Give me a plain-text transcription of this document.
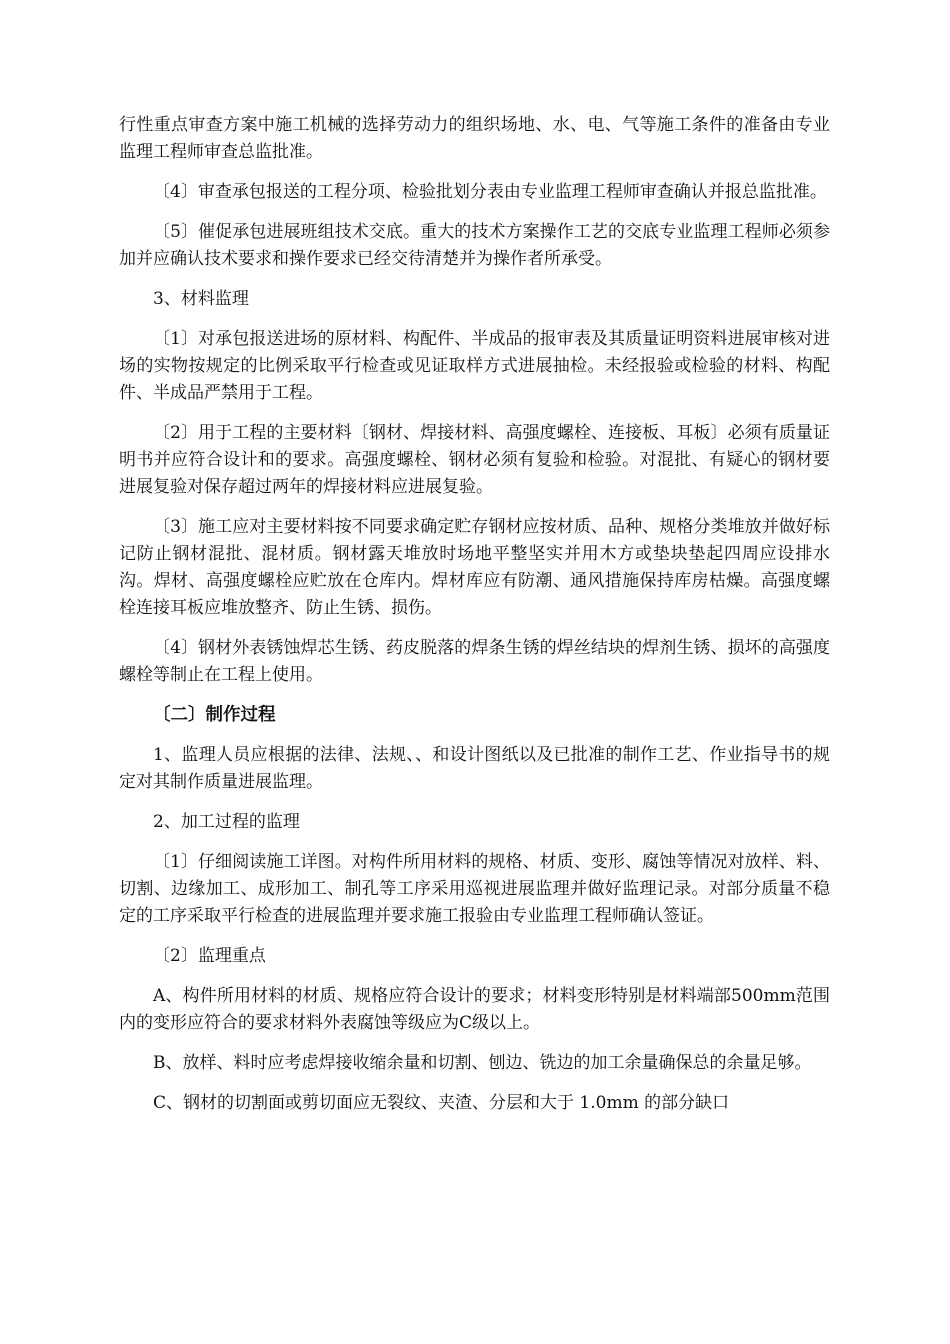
行性重点审查方案中施工机械的选择劳动力的组织场地、水、电、气等施工条件的准备由专业监理工程师审查总监批准。

〔4〕审查承包报送的工程分项、检验批划分表由专业监理工程师审查确认并报总监批准。

〔5〕催促承包进展班组技术交底。重大的技术方案操作工艺的交底专业监理工程师必须参加并应确认技术要求和操作要求已经交待清楚并为操作者所承受。

3、材料监理

〔1〕对承包报送进场的原材料、构配件、半成品的报审表及其质量证明资料进展审核对进场的实物按规定的比例采取平行检查或见证取样方式进展抽检。未经报验或检验的材料、构配件、半成品严禁用于工程。

〔2〕用于工程的主要材料〔钢材、焊接材料、高强度螺栓、连接板、耳板〕必须有质量证明书并应符合设计和的要求。高强度螺栓、钢材必须有复验和检验。对混批、有疑心的钢材要进展复验对保存超过两年的焊接材料应进展复验。

〔3〕施工应对主要材料按不同要求确定贮存钢材应按材质、品种、规格分类堆放并做好标记防止钢材混批、混材质。钢材露天堆放时场地平整坚实并用木方或垫块垫起四周应设排水沟。焊材、高强度螺栓应贮放在仓库内。焊材库应有防潮、通风措施保持库房枯燥。高强度螺栓连接耳板应堆放整齐、防止生锈、损伤。

〔4〕钢材外表锈蚀焊芯生锈、药皮脱落的焊条生锈的焊丝结块的焊剂生锈、损坏的高强度螺栓等制止在工程上使用。

〔二〕制作过程

1、监理人员应根据的法律、法规、、和设计图纸以及已批准的制作工艺、作业指导书的规定对其制作质量进展监理。

2、加工过程的监理

〔1〕仔细阅读施工详图。对构件所用材料的规格、材质、变形、腐蚀等情况对放样、料、切割、边缘加工、成形加工、制孔等工序采用巡视进展监理并做好监理记录。对部分质量不稳定的工序采取平行检查的进展监理并要求施工报验由专业监理工程师确认签证。

〔2〕监理重点

A、构件所用材料的材质、规格应符合设计的要求；材料变形特别是材料端部500mm范围内的变形应符合的要求材料外表腐蚀等级应为C级以上。

B、放样、料时应考虑焊接收缩余量和切割、刨边、铣边的加工余量确保总的余量足够。

C、钢材的切割面或剪切面应无裂纹、夹渣、分层和大于 1.0mm 的部分缺口
